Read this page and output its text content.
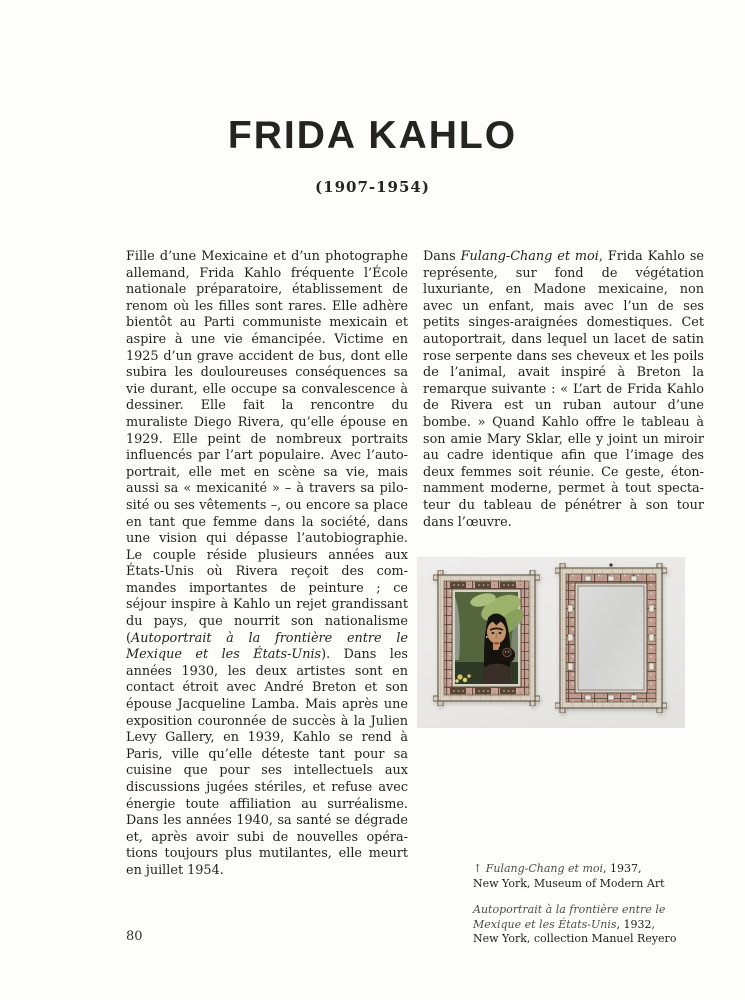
FRIDA KAHLO
(1907-1954)

Fille d’une Mexicaine et d’un photographe allemand, Frida Kahlo fréquente l’École nationale préparatoire, établissement de renom où les filles sont rares. Elle adhère bientôt au Parti communiste mexicain et aspire à une vie émancipée. Victime en 1925 d’un grave accident de bus, dont elle subira les douloureuses conséquences sa vie durant, elle occupe sa convalescence à dessiner. Elle fait la rencontre du muraliste Diego Rivera, qu’elle épouse en 1929. Elle peint de nombreux portraits influencés par l’art populaire. Avec l’autoportrait, elle met en scène sa vie, mais aussi sa « mexicanité » – à travers sa pilosité ou ses vêtements –, ou encore sa place en tant que femme dans la société, dans une vision qui dépasse l’autobiographie. Le couple réside plusieurs années aux États-Unis où Rivera reçoit des commandes importantes de peinture ; ce séjour inspire à Kahlo un rejet grandissant du pays, que nourrit son nationalisme (Autoportrait à la frontière entre le Mexique et les États-Unis). Dans les années 1930, les deux artistes sont en contact étroit avec André Breton et son épouse Jacqueline Lamba. Mais après une exposition couronnée de succès à la Julien Levy Gallery, en 1939, Kahlo se rend à Paris, ville qu’elle déteste tant pour sa cuisine que pour ses intellectuels aux discussions jugées stériles, et refuse avec énergie toute affiliation au surréalisme. Dans les années 1940, sa santé se dégrade et, après avoir subi de nouvelles opérations toujours plus mutilantes, elle meurt en juillet 1954.

Dans Fulang-Chang et moi, Frida Kahlo se représente, sur fond de végétation luxuriante, en Madone mexicaine, non avec un enfant, mais avec l’un de ses petits singes-araignées domestiques. Cet autoportrait, dans lequel un lacet de satin rose serpente dans ses cheveux et les poils de l’animal, avait inspiré à Breton la remarque suivante : « L’art de Frida Kahlo de Rivera est un ruban autour d’une bombe. » Quand Kahlo offre le tableau à son amie Mary Sklar, elle y joint un miroir au cadre identique afin que l’image des deux femmes soit réunie. Ce geste, étonnamment moderne, permet à tout spectateur du tableau de pénétrer à son tour dans l’œuvre.

↑ Fulang-Chang et moi, 1937,
New York, Museum of Modern Art

Autoportrait à la frontière entre le Mexique et les États-Unis, 1932,
New York, collection Manuel Reyero

80
